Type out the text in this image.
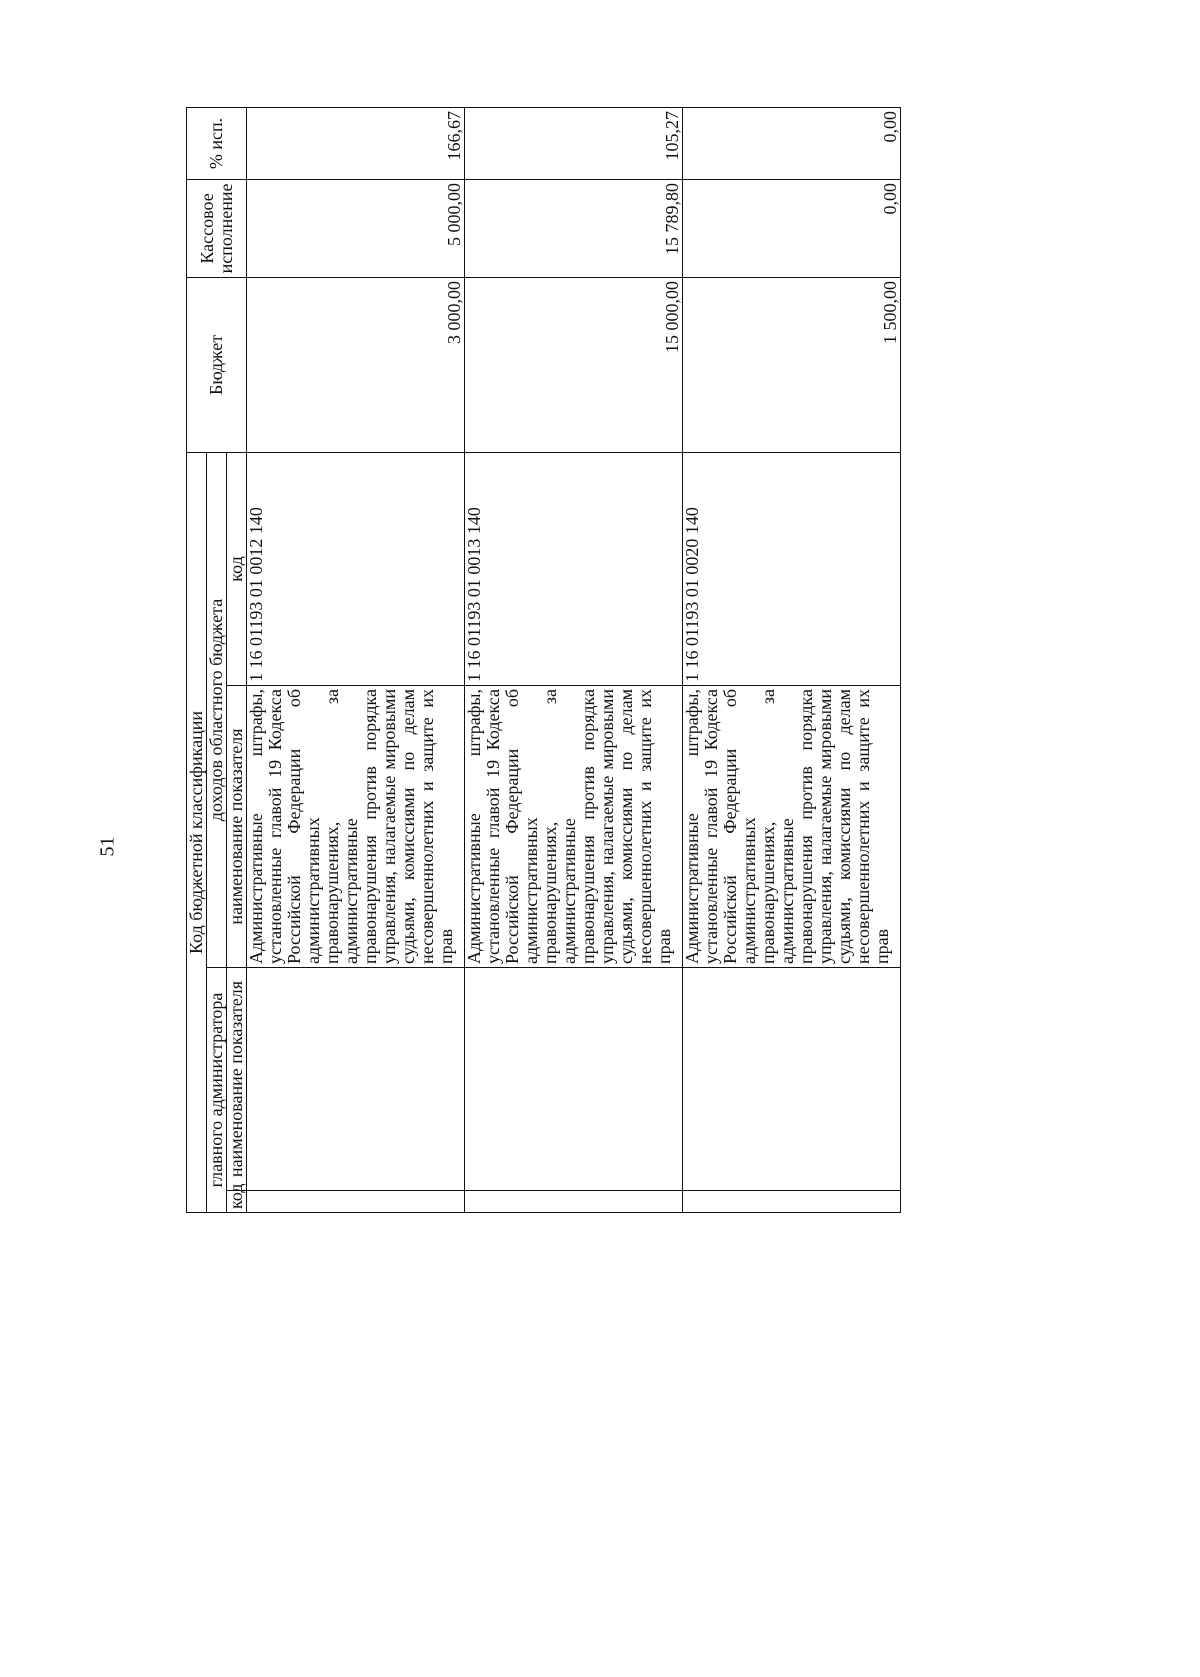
51	Код бюджетной классификации				Бюджет	Кассовое исполнение	% исп.
главного администратора		доходов областного бюджета				
код	наименование показателя	наименование показателя	код			
		Административные штрафы, установленные главой 19 Кодекса Российской Федерации об административных правонарушениях, за административные правонарушения против порядка управления, налагаемые мировыми судьями, комиссиями по делам несовершеннолетних и защите их прав	1 16 01193 01 0012 140	3 000,00	5 000,00	166,67
		Административные штрафы, установленные главой 19 Кодекса Российской Федерации об административных правонарушениях, за административные правонарушения против порядка управления, налагаемые мировыми судьями, комиссиями по делам несовершеннолетних и защите их прав	1 16 01193 01 0013 140	15 000,00	15 789,80	105,27
		Административные штрафы, установленные главой 19 Кодекса Российской Федерации об административных правонарушениях, за административные правонарушения против порядка управления, налагаемые мировыми судьями, комиссиями по делам несовершеннолетних и защите их прав	1 16 01193 01 0020 140	1 500,00	0,00	0,00
